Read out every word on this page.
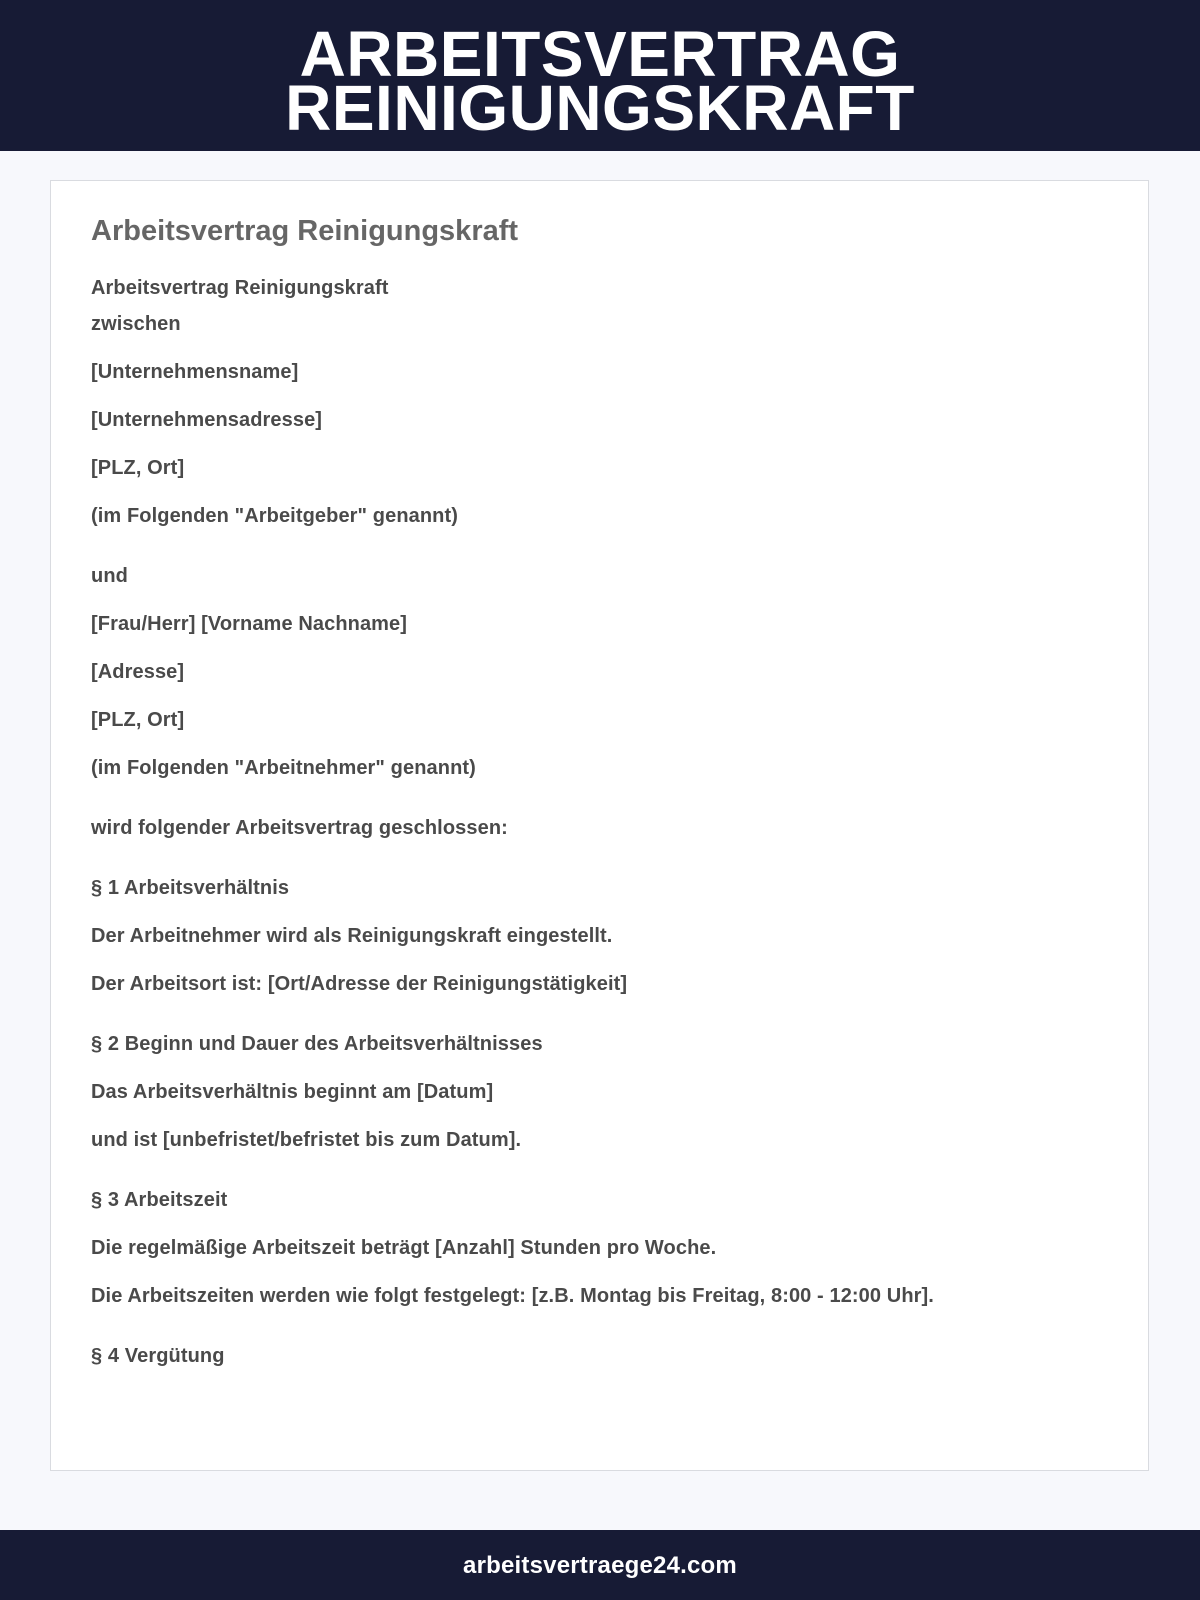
ARBEITSVERTRAG
REINIGUNGSKRAFT
Arbeitsvertrag Reinigungskraft

Arbeitsvertrag Reinigungskraft

zwischen

[Unternehmensname]

[Unternehmensadresse]

[PLZ, Ort]

(im Folgenden "Arbeitgeber" genannt)

und

[Frau/Herr] [Vorname Nachname]

[Adresse]

[PLZ, Ort]

(im Folgenden "Arbeitnehmer" genannt)

wird folgender Arbeitsvertrag geschlossen:

§ 1 Arbeitsverhältnis

Der Arbeitnehmer wird als Reinigungskraft eingestellt.

Der Arbeitsort ist: [Ort/Adresse der Reinigungstätigkeit]

§ 2 Beginn und Dauer des Arbeitsverhältnisses

Das Arbeitsverhältnis beginnt am [Datum]

und ist [unbefristet/befristet bis zum Datum].

§ 3 Arbeitszeit

Die regelmäßige Arbeitszeit beträgt [Anzahl] Stunden pro Woche.

Die Arbeitszeiten werden wie folgt festgelegt: [z.B. Montag bis Freitag, 8:00 - 12:00 Uhr].

§ 4 Vergütung

arbeitsvertraege24.com
